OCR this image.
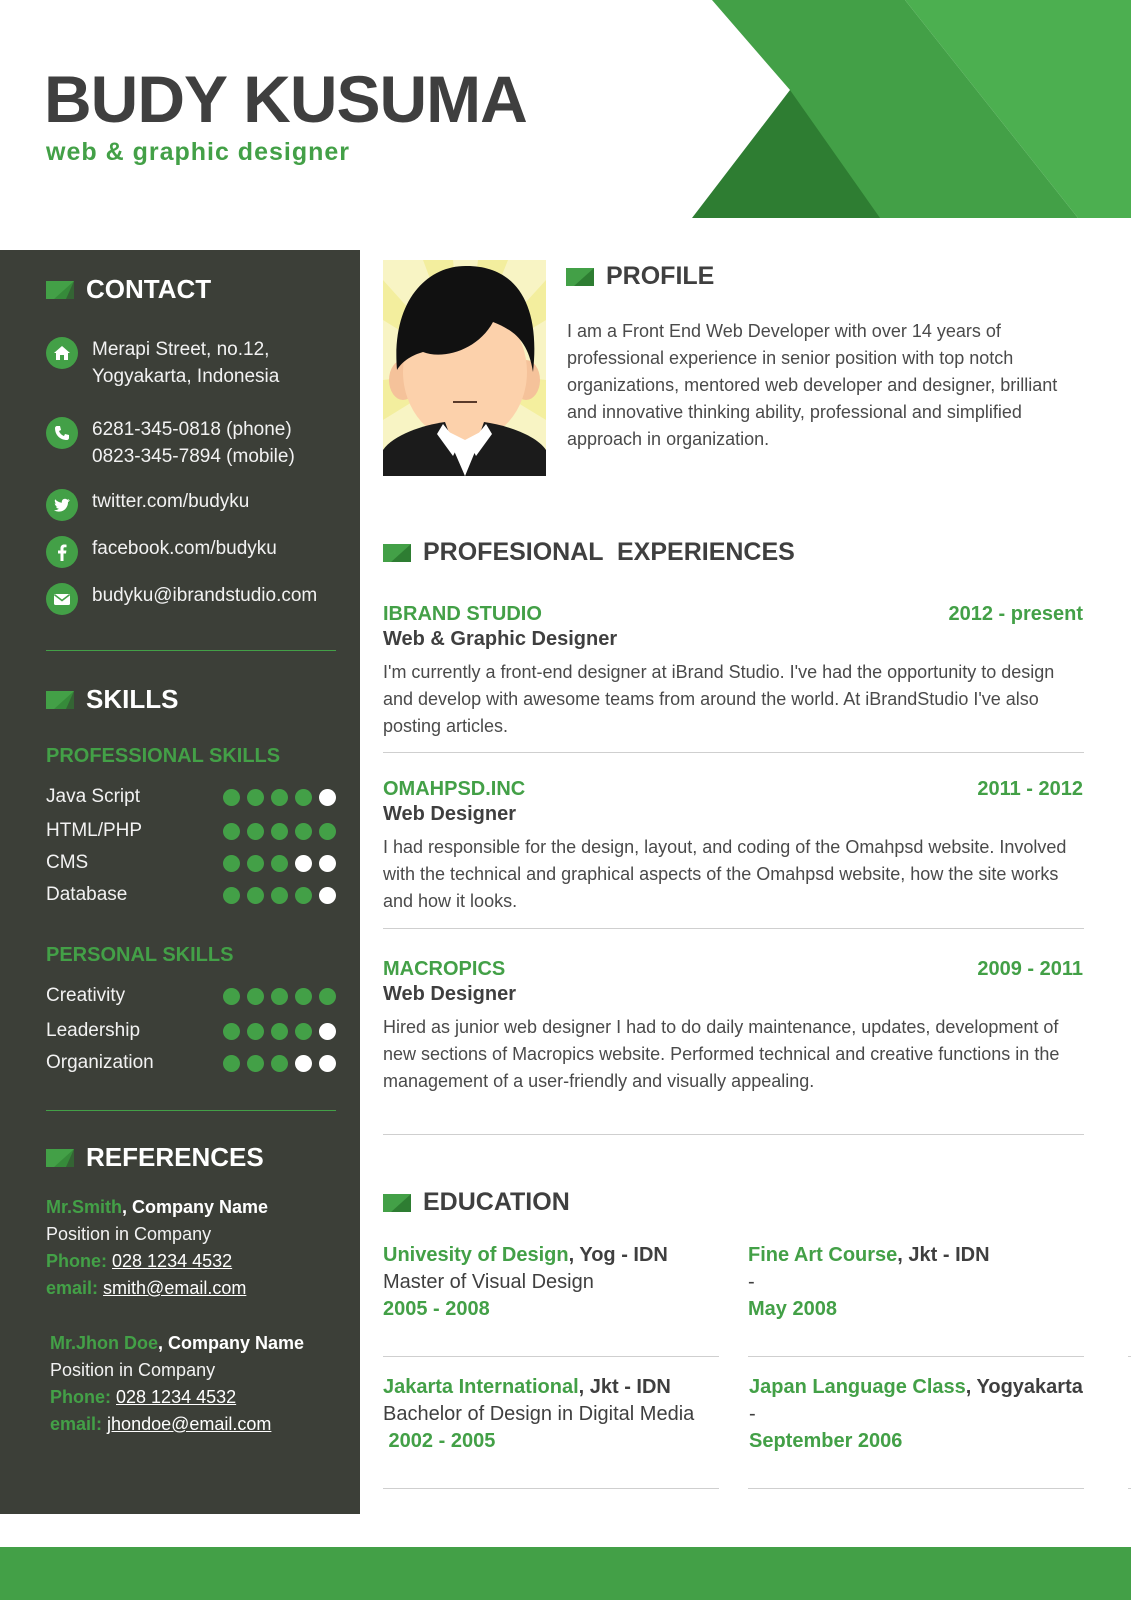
BUDY KUSUMA
web & graphic designer
CONTACT
Merapi Street, no.12,
Yogyakarta, Indonesia
6281-345-0818 (phone)
0823-345-7894 (mobile)
twitter.com/budyku
facebook.com/budyku
budyku@ibrandstudio.com
SKILLS
PROFESSIONAL SKILLS
Java Script
HTML/PHP
CMS
Database
PERSONAL SKILLS
Creativity
Leadership
Organization
REFERENCES
Mr.Smith, Company Name
Position in Company
Phone: 028 1234 4532
email: smith@email.com
Mr.Jhon Doe, Company Name
Position in Company
Phone: 028 1234 4532
email: jhondoe@email.com
PROFILE
I am a Front End Web Developer with over 14 years of professional experience in senior position with top notch organizations, mentored web developer and designer, brilliant and innovative thinking ability, professional and simplified approach in organization.
PROFESIONAL  EXPERIENCES
IBRAND STUDIO	2012 - present
Web & Graphic Designer
I'm currently a front-end designer at iBrand Studio. I've had the opportunity to design and develop with awesome teams from around the world. At iBrandStudio I've also posting articles.
OMAHPSD.INC	2011 - 2012
Web Designer
I had responsible for the design, layout, and coding of the Omahpsd website. Involved with the technical and graphical aspects of the Omahpsd website, how the site works and how it looks.
MACROPICS	2009 - 2011
Web Designer
Hired as junior web designer I had to do daily maintenance, updates, development of new sections of Macropics website. Performed technical and creative functions in the management of a user-friendly and visually appealing.
EDUCATION
Univesity of Design, Yog - IDN
Master of Visual Design
2005 - 2008
Fine Art Course, Jkt - IDN
-
May 2008
Jakarta International, Jkt - IDN
Bachelor of Design in Digital Media
2002 - 2005
Japan Language Class, Yogyakarta
-
September 2006
